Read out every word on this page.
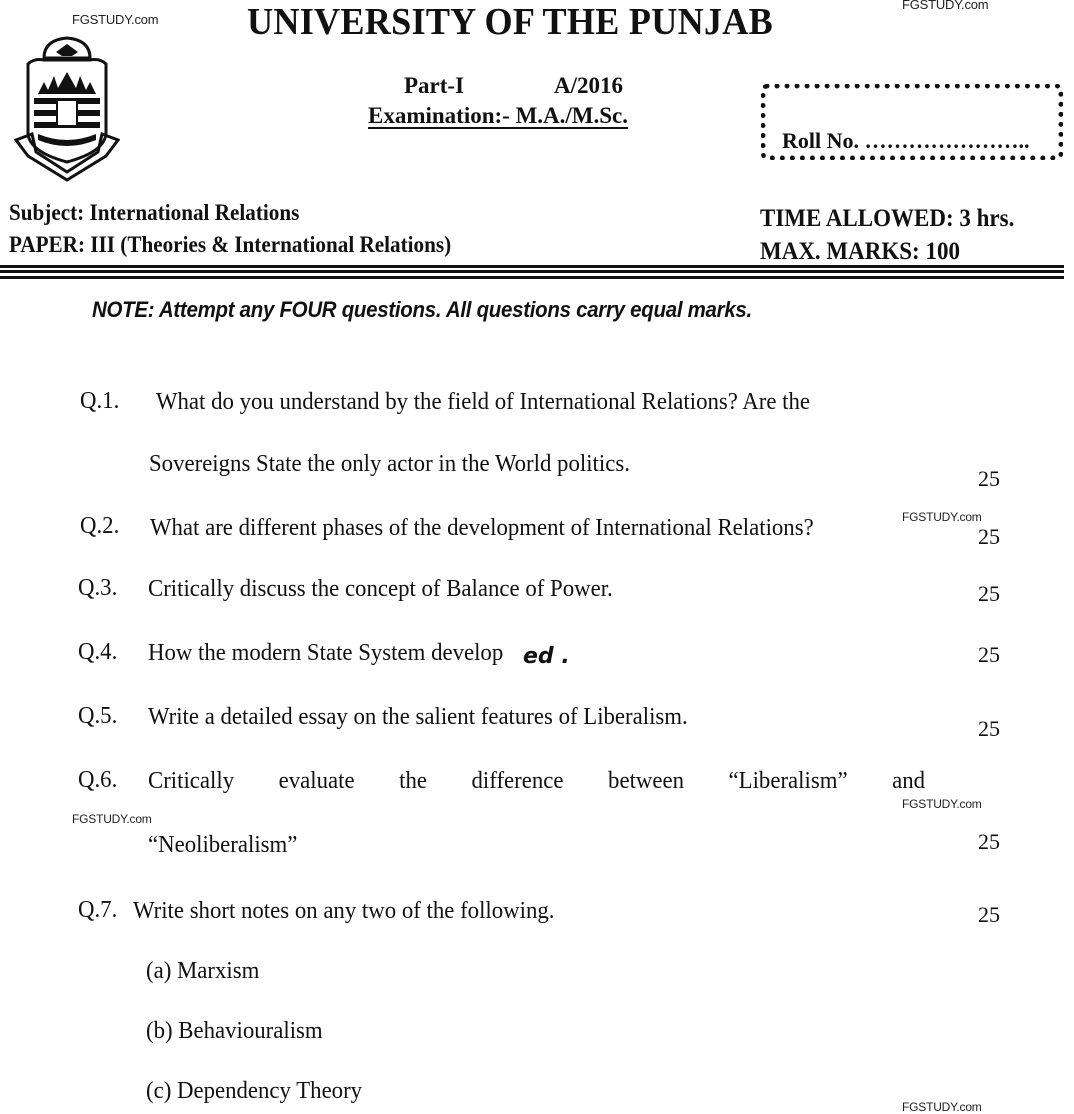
FGSTUDY.com
FGSTUDY.com
FGSTUDY.com
FGSTUDY.com
FGSTUDY.com
FGSTUDY.com
UNIVERSITY OF THE PUNJAB
Part-I	A/2016
Examination:- M.A./M.Sc.
Roll No. …………………..
Subject: International Relations
PAPER: III (Theories & International Relations)
TIME ALLOWED: 3 hrs.
MAX. MARKS: 100
NOTE: Attempt any FOUR questions. All questions carry equal marks.
Q.1. What do you understand by the field of International Relations? Are the
Sovereigns State the only actor in the World politics.
25
Q.2. What are different phases of the development of International Relations?	25
Q.3. Critically discuss the concept of Balance of Power.	25
Q.4. How the modern State System develop ed .	25
Q.5. Write a detailed essay on the salient features of Liberalism.	25
Q.6. Critically evaluate the difference between “Liberalism” and
“Neoliberalism”	25
Q.7. Write short notes on any two of the following.	25
(a) Marxism
(b) Behaviouralism
(c) Dependency Theory
